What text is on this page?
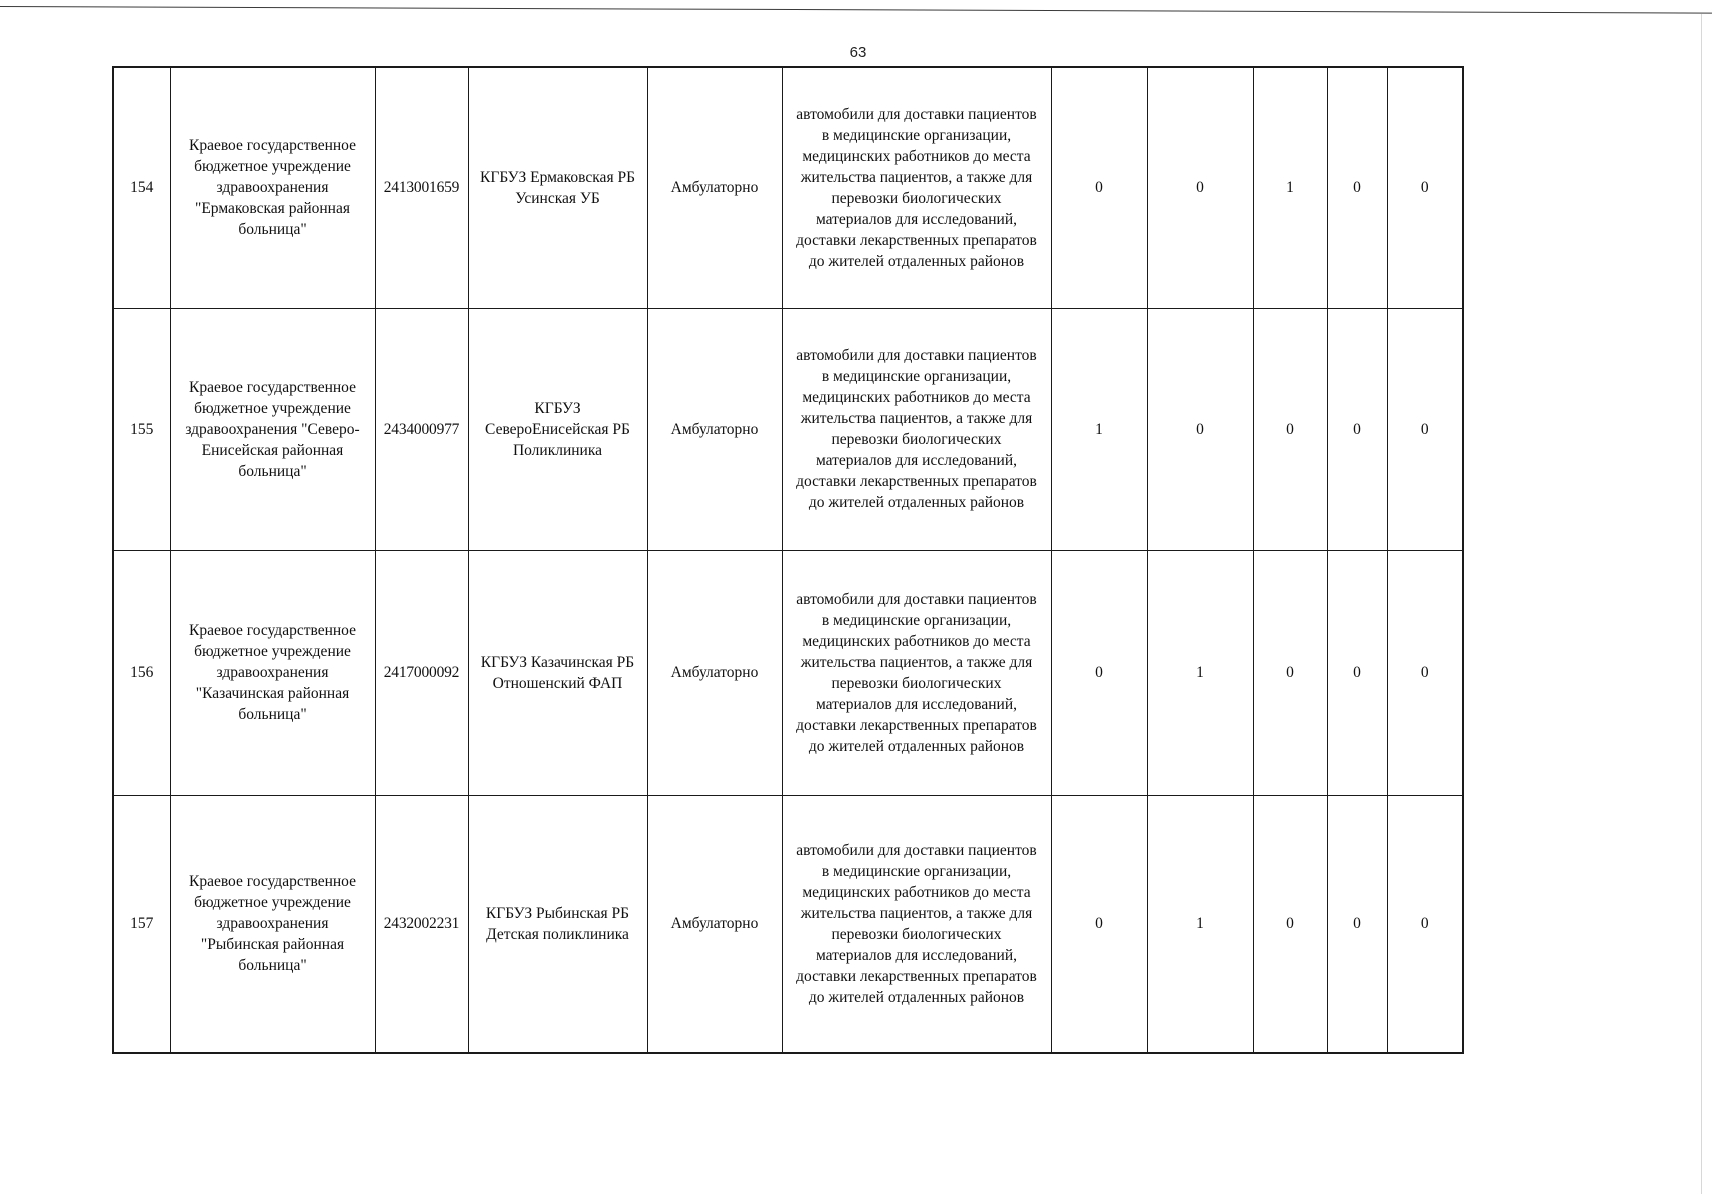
63
154	Краевое государственное бюджетное учреждение здравоохранения "Ермаковская районная больница"	2413001659	КГБУЗ Ермаковская РБ Усинская УБ	Амбулаторно	автомобили для доставки пациентов в медицинские организации, медицинских работников до места жительства пациентов, а также для перевозки биологических материалов для исследований, доставки лекарственных препаратов до жителей отдаленных районов	0	0	1	0	0
155	Краевое государственное бюджетное учреждение здравоохранения "Северо-Енисейская районная больница"	2434000977	КГБУЗ СевероЕнисейская РБ Поликлиника	Амбулаторно	автомобили для доставки пациентов в медицинские организации, медицинских работников до места жительства пациентов, а также для перевозки биологических материалов для исследований, доставки лекарственных препаратов до жителей отдаленных районов	1	0	0	0	0
156	Краевое государственное бюджетное учреждение здравоохранения "Казачинская районная больница"	2417000092	КГБУЗ Казачинская РБ Отношенский ФАП	Амбулаторно	автомобили для доставки пациентов в медицинские организации, медицинских работников до места жительства пациентов, а также для перевозки биологических материалов для исследований, доставки лекарственных препаратов до жителей отдаленных районов	0	1	0	0	0
157	Краевое государственное бюджетное учреждение здравоохранения "Рыбинская районная больница"	2432002231	КГБУЗ Рыбинская РБ Детская поликлиника	Амбулаторно	автомобили для доставки пациентов в медицинские организации, медицинских работников до места жительства пациентов, а также для перевозки биологических материалов для исследований, доставки лекарственных препаратов до жителей отдаленных районов	0	1	0	0	0
